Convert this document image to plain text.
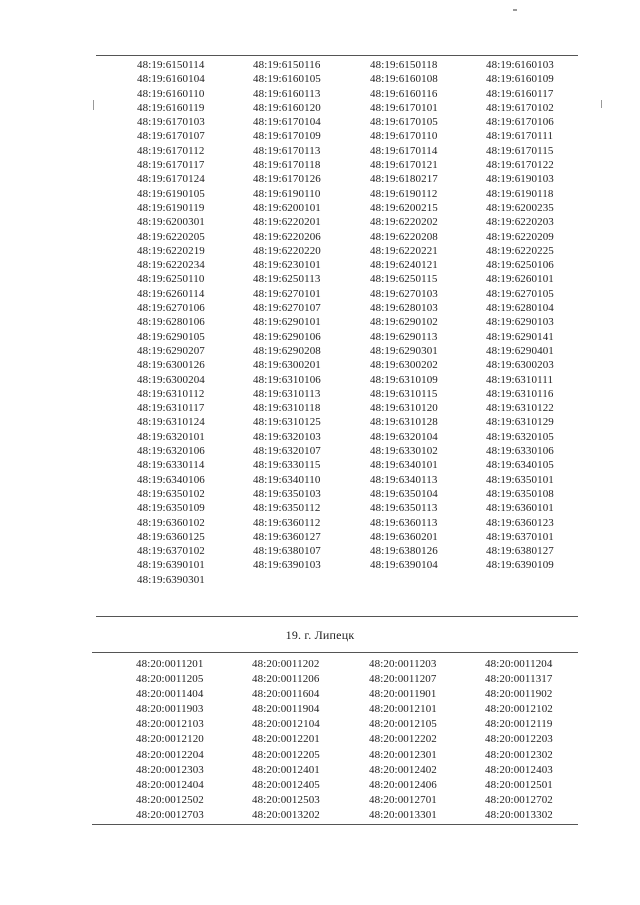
48:19:6150114	48:19:6150116	48:19:6150118	48:19:6160103
48:19:6160104	48:19:6160105	48:19:6160108	48:19:6160109
48:19:6160110	48:19:6160113	48:19:6160116	48:19:6160117
48:19:6160119	48:19:6160120	48:19:6170101	48:19:6170102
48:19:6170103	48:19:6170104	48:19:6170105	48:19:6170106
48:19:6170107	48:19:6170109	48:19:6170110	48:19:6170111
48:19:6170112	48:19:6170113	48:19:6170114	48:19:6170115
48:19:6170117	48:19:6170118	48:19:6170121	48:19:6170122
48:19:6170124	48:19:6170126	48:19:6180217	48:19:6190103
48:19:6190105	48:19:6190110	48:19:6190112	48:19:6190118
48:19:6190119	48:19:6200101	48:19:6200215	48:19:6200235
48:19:6200301	48:19:6220201	48:19:6220202	48:19:6220203
48:19:6220205	48:19:6220206	48:19:6220208	48:19:6220209
48:19:6220219	48:19:6220220	48:19:6220221	48:19:6220225
48:19:6220234	48:19:6230101	48:19:6240121	48:19:6250106
48:19:6250110	48:19:6250113	48:19:6250115	48:19:6260101
48:19:6260114	48:19:6270101	48:19:6270103	48:19:6270105
48:19:6270106	48:19:6270107	48:19:6280103	48:19:6280104
48:19:6280106	48:19:6290101	48:19:6290102	48:19:6290103
48:19:6290105	48:19:6290106	48:19:6290113	48:19:6290141
48:19:6290207	48:19:6290208	48:19:6290301	48:19:6290401
48:19:6300126	48:19:6300201	48:19:6300202	48:19:6300203
48:19:6300204	48:19:6310106	48:19:6310109	48:19:6310111
48:19:6310112	48:19:6310113	48:19:6310115	48:19:6310116
48:19:6310117	48:19:6310118	48:19:6310120	48:19:6310122
48:19:6310124	48:19:6310125	48:19:6310128	48:19:6310129
48:19:6320101	48:19:6320103	48:19:6320104	48:19:6320105
48:19:6320106	48:19:6320107	48:19:6330102	48:19:6330106
48:19:6330114	48:19:6330115	48:19:6340101	48:19:6340105
48:19:6340106	48:19:6340110	48:19:6340113	48:19:6350101
48:19:6350102	48:19:6350103	48:19:6350104	48:19:6350108
48:19:6350109	48:19:6350112	48:19:6350113	48:19:6360101
48:19:6360102	48:19:6360112	48:19:6360113	48:19:6360123
48:19:6360125	48:19:6360127	48:19:6360201	48:19:6370101
48:19:6370102	48:19:6380107	48:19:6380126	48:19:6380127
48:19:6390101	48:19:6390103	48:19:6390104	48:19:6390109
48:19:6390301
19. г. Липецк
48:20:0011201	48:20:0011202	48:20:0011203	48:20:0011204
48:20:0011205	48:20:0011206	48:20:0011207	48:20:0011317
48:20:0011404	48:20:0011604	48:20:0011901	48:20:0011902
48:20:0011903	48:20:0011904	48:20:0012101	48:20:0012102
48:20:0012103	48:20:0012104	48:20:0012105	48:20:0012119
48:20:0012120	48:20:0012201	48:20:0012202	48:20:0012203
48:20:0012204	48:20:0012205	48:20:0012301	48:20:0012302
48:20:0012303	48:20:0012401	48:20:0012402	48:20:0012403
48:20:0012404	48:20:0012405	48:20:0012406	48:20:0012501
48:20:0012502	48:20:0012503	48:20:0012701	48:20:0012702
48:20:0012703	48:20:0013202	48:20:0013301	48:20:0013302
